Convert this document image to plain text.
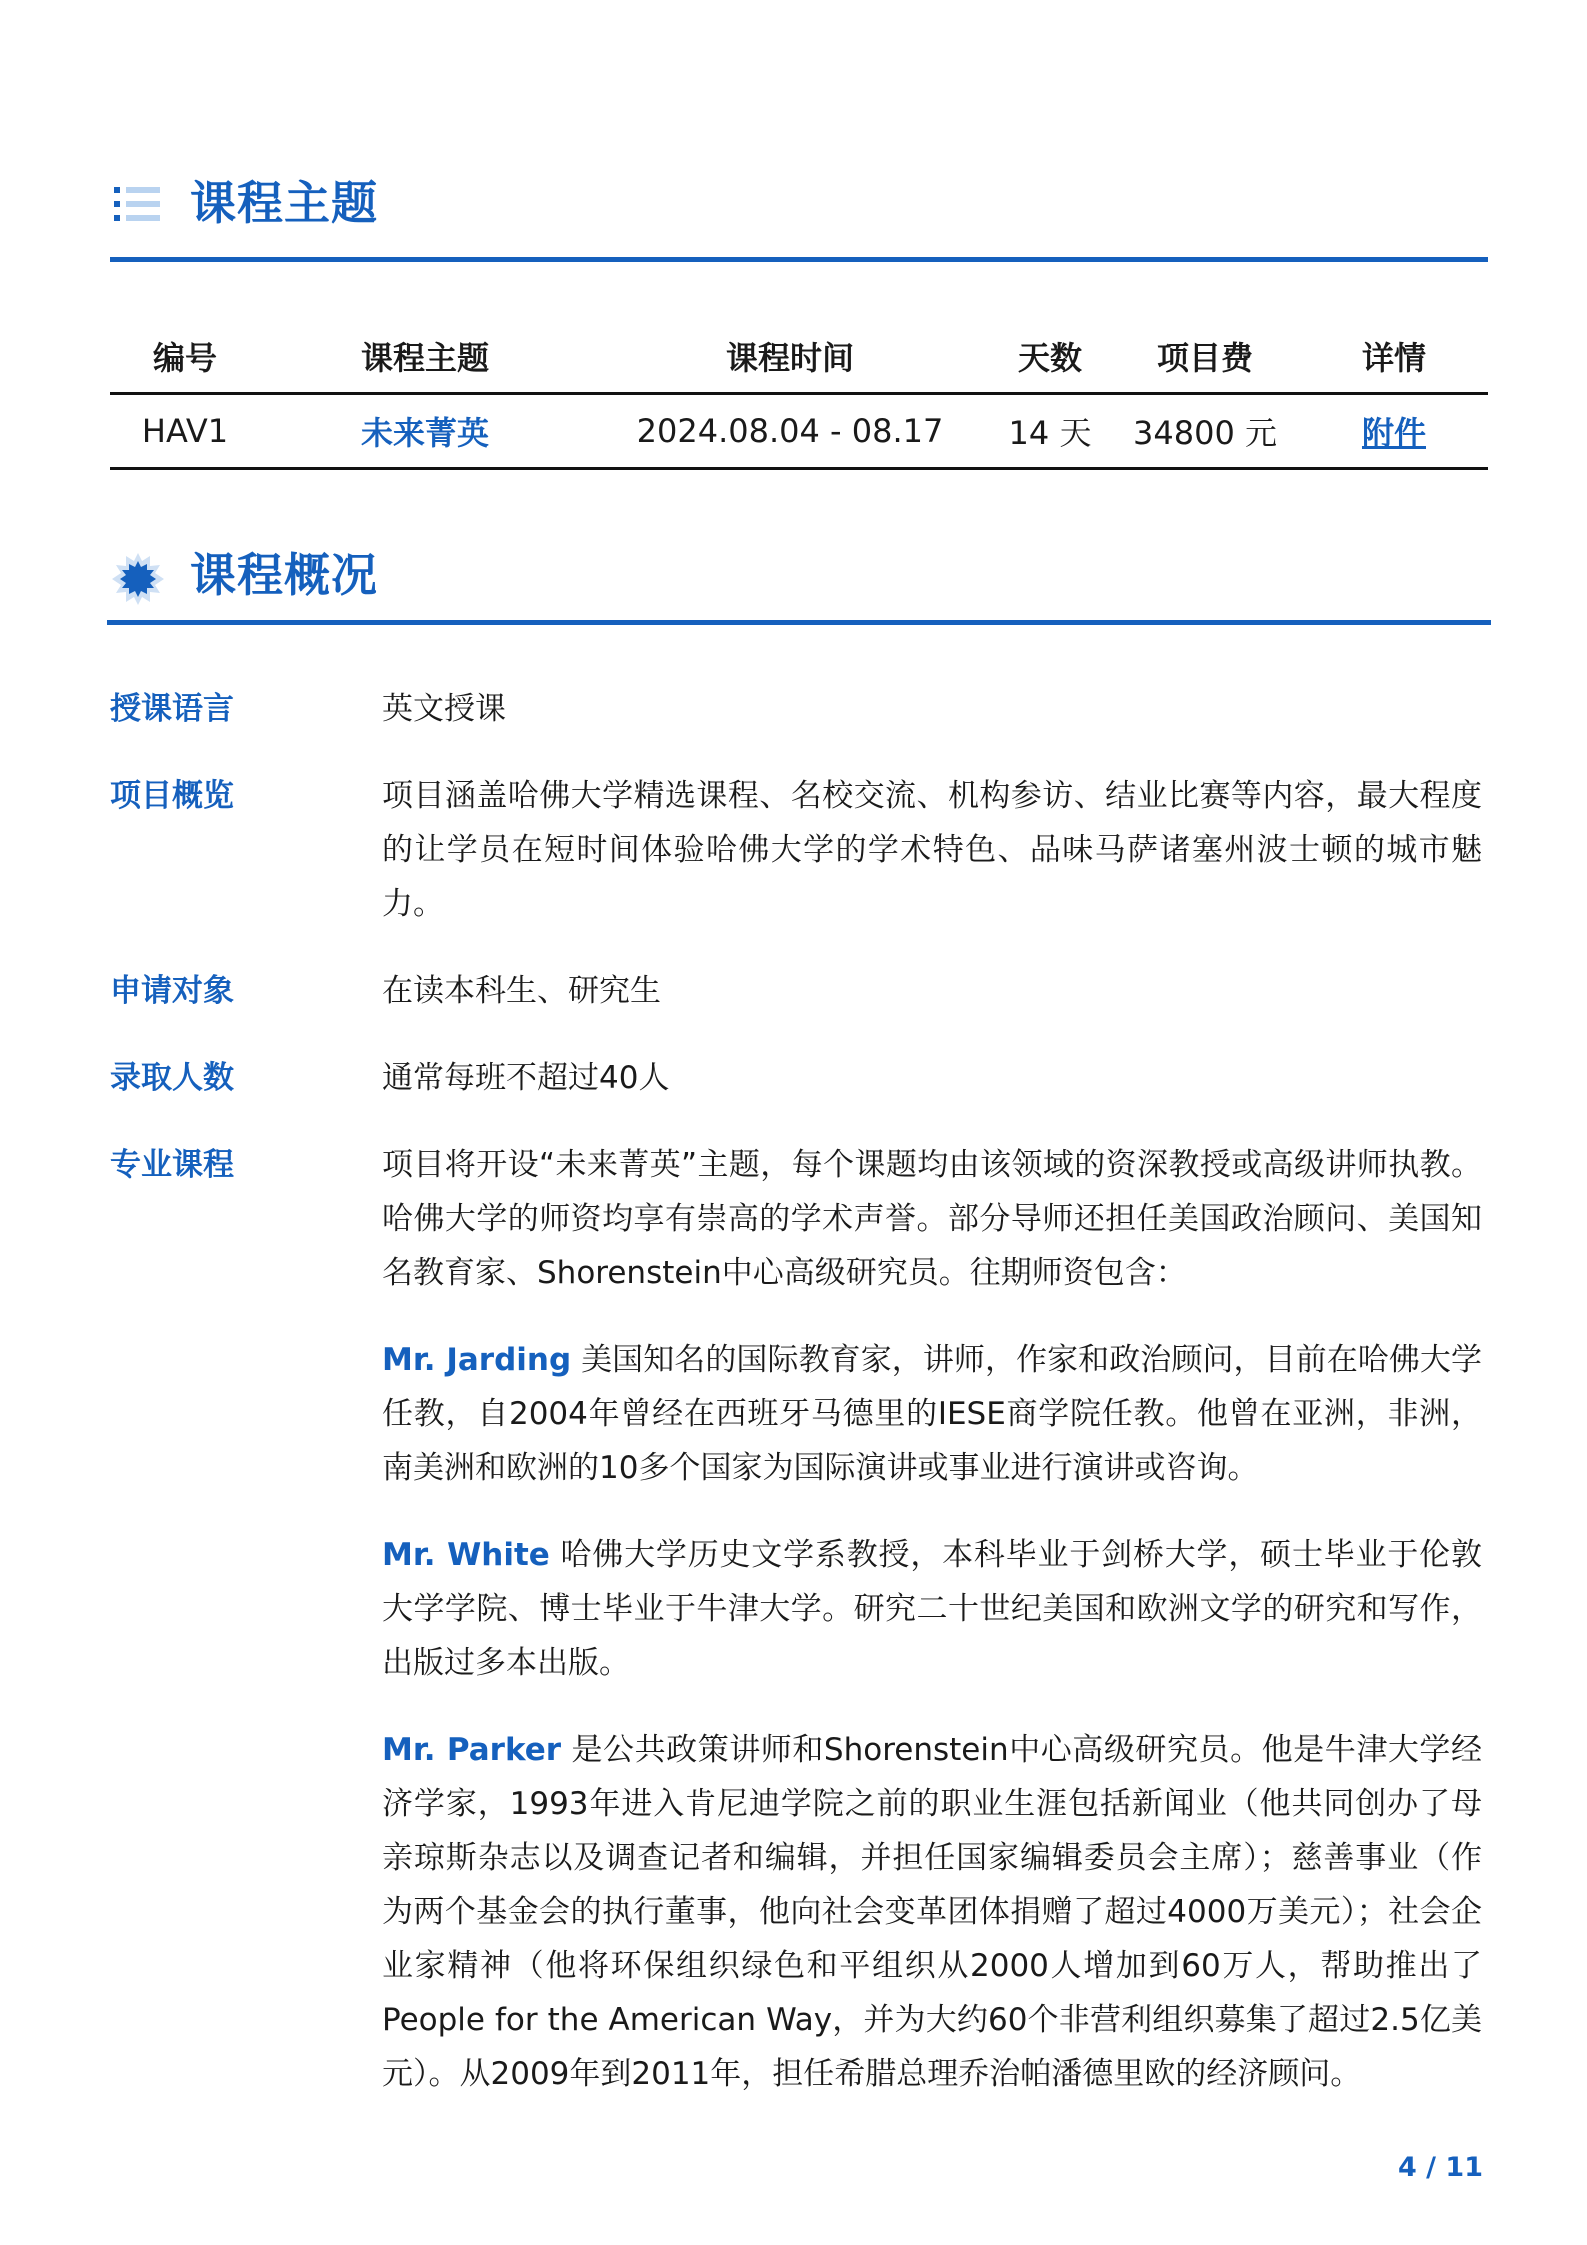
课程主题
编号	课程主题	课程时间	天数	项目费	详情
HAV1	未来菁英	2024.08.04 - 08.17	14 天	34800 元	附件
课程概况
授课语言	英文授课
项目概览	项目涵盖哈佛大学精选课程、名校交流、机构参访、结业比赛等内容，最大程度的让学员在短时间体验哈佛大学的学术特色、品味马萨诸塞州波士顿的城市魅力。
申请对象	在读本科生、研究生
录取人数	通常每班不超过40人
专业课程	项目将开设“未来菁英”主题，每个课题均由该领域的资深教授或高级讲师执教。哈佛大学的师资均享有崇高的学术声誉。部分导师还担任美国政治顾问、美国知名教育家、Shorenstein中心高级研究员。往期师资包含：

Mr. Jarding 美国知名的国际教育家，讲师，作家和政治顾问，目前在哈佛大学任教，自2004年曾经在西班牙马德里的IESE商学院任教。他曾在亚洲，非洲，南美洲和欧洲的10多个国家为国际演讲或事业进行演讲或咨询。

Mr. White 哈佛大学历史文学系教授，本科毕业于剑桥大学，硕士毕业于伦敦大学学院、博士毕业于牛津大学。研究二十世纪美国和欧洲文学的研究和写作，出版过多本出版。

Mr. Parker 是公共政策讲师和Shorenstein中心高级研究员。他是牛津大学经济学家，1993年进入肯尼迪学院之前的职业生涯包括新闻业（他共同创办了母亲琼斯杂志以及调查记者和编辑，并担任国家编辑委员会主席）；慈善事业（作为两个基金会的执行董事，他向社会变革团体捐赠了超过4000万美元）；社会企业家精神（他将环保组织绿色和平组织从2000人增加到60万人，帮助推出了People for the American Way，并为大约60个非营利组织募集了超过2.5亿美元）。从2009年到2011年，担任希腊总理乔治帕潘德里欧的经济顾问。

4 / 11
